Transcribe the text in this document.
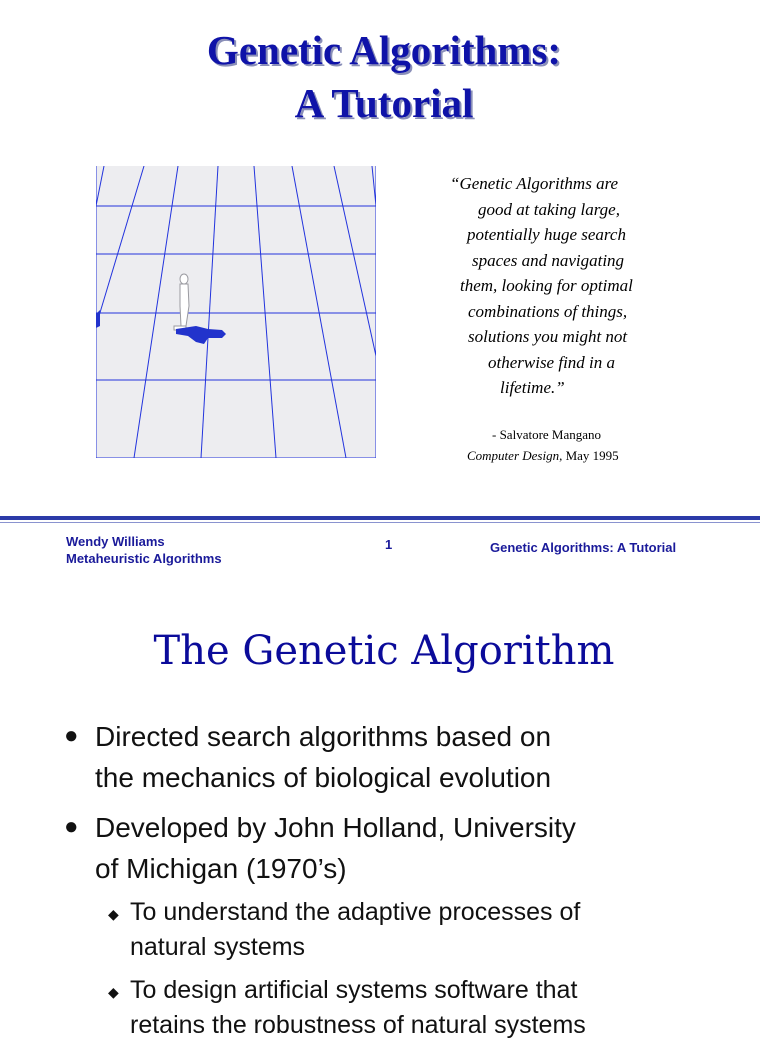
Genetic Algorithms:
A Tutorial
“Genetic Algorithms are
good at taking large,
potentially huge search
spaces and navigating
them, looking for optimal
combinations of things,
solutions you might not
otherwise find in a
lifetime.”
- Salvatore Mangano
Computer Design, May 1995
Wendy Williams
Metaheuristic Algorithms
1	Genetic Algorithms: A Tutorial
The Genetic Algorithm
● Directed search algorithms based on
the mechanics of biological evolution
● Developed by John Holland, University
of Michigan (1970’s)
◆ To understand the adaptive processes of
natural systems
◆ To design artificial systems software that
retains the robustness of natural systems
